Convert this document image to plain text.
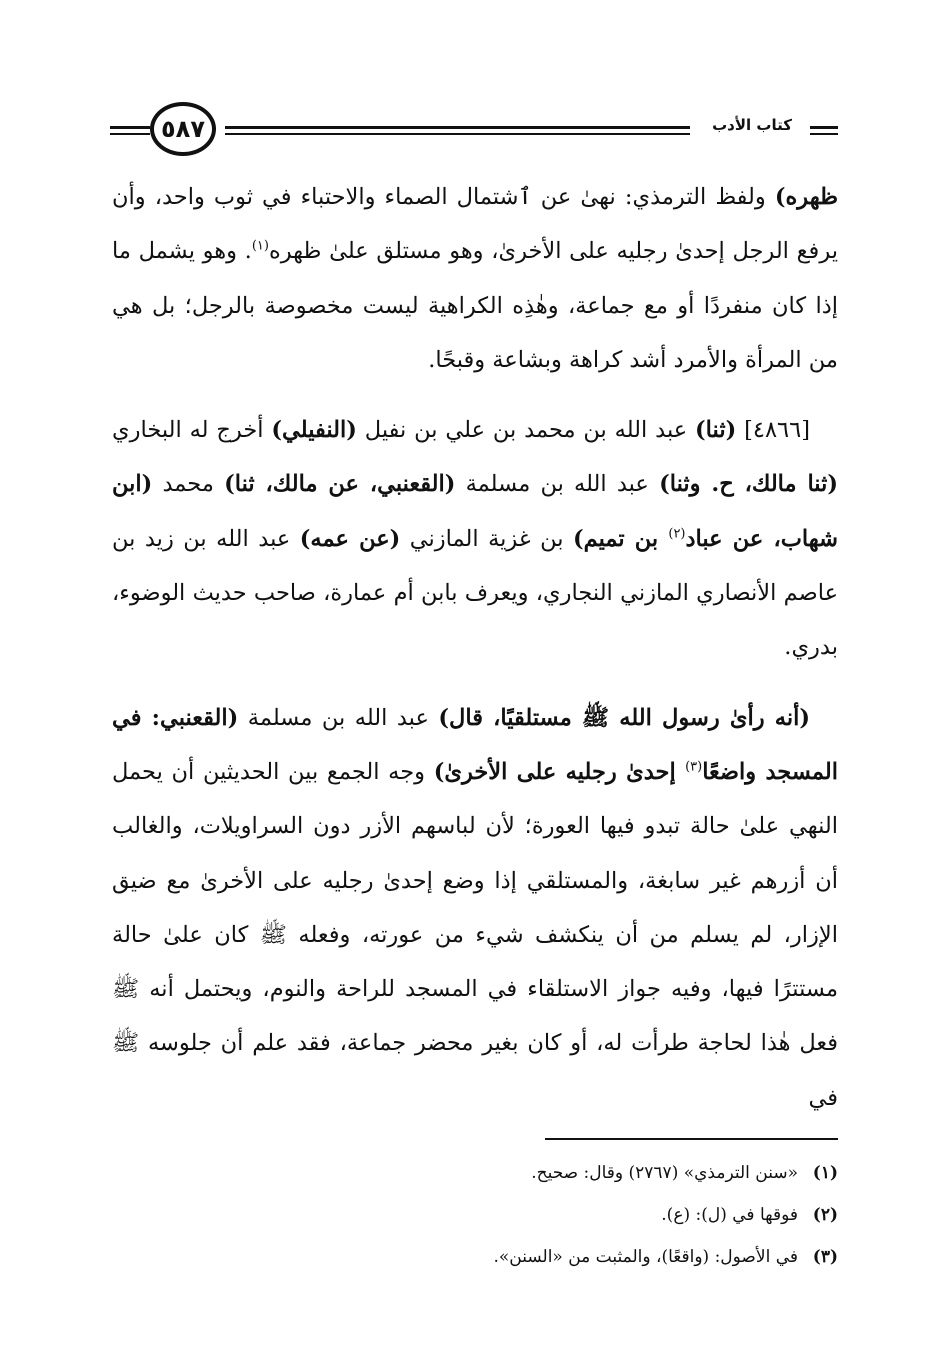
٥٨٧	كتاب الأدب

ظهره) ولفظ الترمذي: نهىٰ عن ٱشتمال الصماء والاحتباء في ثوب واحد، وأن يرفع الرجل إحدىٰ رجليه على الأخرىٰ، وهو مستلق علىٰ ظهره$^{(١)}$. وهو يشمل ما إذا كان منفردًا أو مع جماعة، وهٰذِه الكراهية ليست مخصوصة بالرجل؛ بل هي من المرأة والأمرد أشد كراهة وبشاعة وقبحًا.

[٤٨٦٦] (ثنا) عبد الله بن محمد بن علي بن نفيل (النفيلي) أخرج له البخاري (ثنا مالك، ح. وثنا) عبد الله بن مسلمة (القعنبي، عن مالك، ثنا) محمد (ابن شهاب، عن عباد$^{(٢)}$ بن تميم) بن غزية المازني (عن عمه) عبد الله بن زيد بن عاصم الأنصاري المازني النجاري، ويعرف بابن أم عمارة، صاحب حديث الوضوء، بدري.

(أنه رأىٰ رسول الله ﷺ مستلقيًا، قال) عبد الله بن مسلمة (القعنبي: في المسجد واضعًا$^{(٣)}$ إحدىٰ رجليه على الأخرىٰ) وجه الجمع بين الحديثين أن يحمل النهي علىٰ حالة تبدو فيها العورة؛ لأن لباسهم الأزر دون السراويلات، والغالب أن أزرهم غير سابغة، والمستلقي إذا وضع إحدىٰ رجليه على الأخرىٰ مع ضيق الإزار، لم يسلم من أن ينكشف شيء من عورته، وفعله ﷺ كان علىٰ حالة مستترًا فيها، وفيه جواز الاستلقاء في المسجد للراحة والنوم، ويحتمل أنه ﷺ فعل هٰذا لحاجة طرأت له، أو كان بغير محضر جماعة، فقد علم أن جلوسه ﷺ في

(١)«سنن الترمذي» (٢٧٦٧) وقال: صحيح.

(٢)فوقها في (ل): (ع).

(٣)في الأصول: (واقعًا)، والمثبت من «السنن».
